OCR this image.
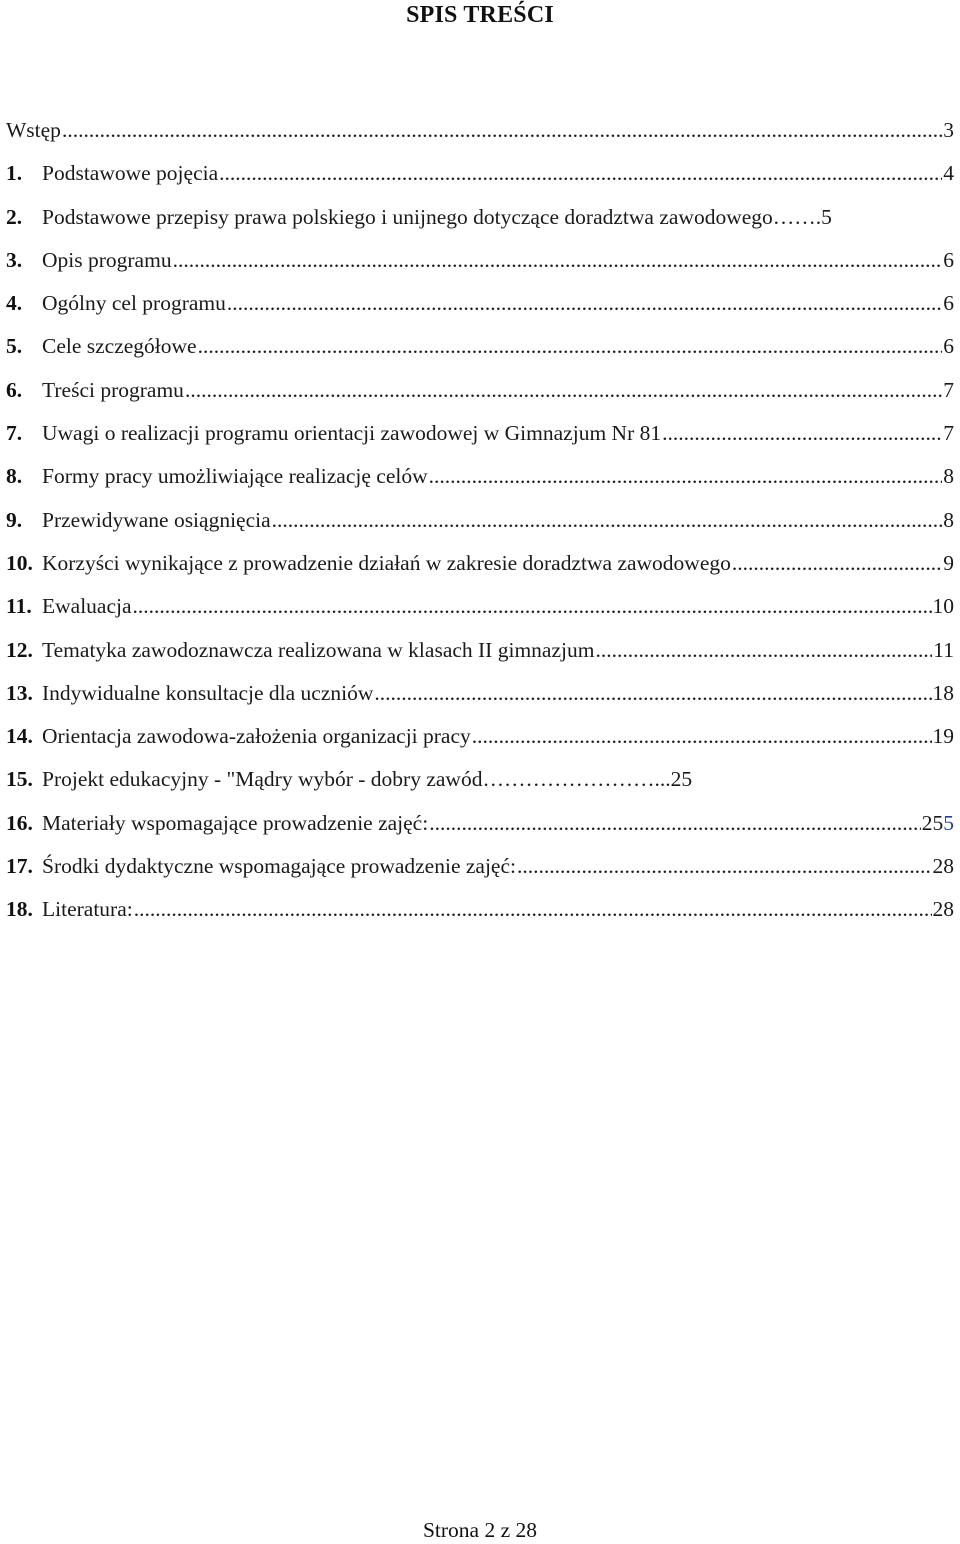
SPIS TREŚCI
Wstęp .....	3
1. Podstawowe pojęcia .....	4
2. Podstawowe przepisy prawa polskiego i unijnego dotyczące doradztwa zawodowego …… .5
3. Opis programu .....	6
4. Ogólny cel programu .....	6
5. Cele szczegółowe .....	6
6. Treści programu .....	7
7. Uwagi o realizacji programu orientacji zawodowej w Gimnazjum Nr 81 .....	7
8. Formy pracy umożliwiające realizację celów .....	8
9. Przewidywane osiągnięcia .....	8
10. Korzyści wynikające z prowadzenie działań w zakresie doradztwa zawodowego .....	9
11. Ewaluacja .....	10
12. Tematyka zawodoznawcza realizowana w klasach II gimnazjum .....	11
13. Indywidualne konsultacje dla uczniów .....	18
14. Orientacja zawodowa-założenia organizacji pracy .....	19
15. Projekt edukacyjny - "Mądry wybór - dobry zawód …………………….. .25
16. Materiały wspomagające prowadzenie zajęć: .....	255
17. Środki dydaktyczne wspomagające prowadzenie zajęć: .....	28
18. Literatura: .....	28
Strona 2 z 28
